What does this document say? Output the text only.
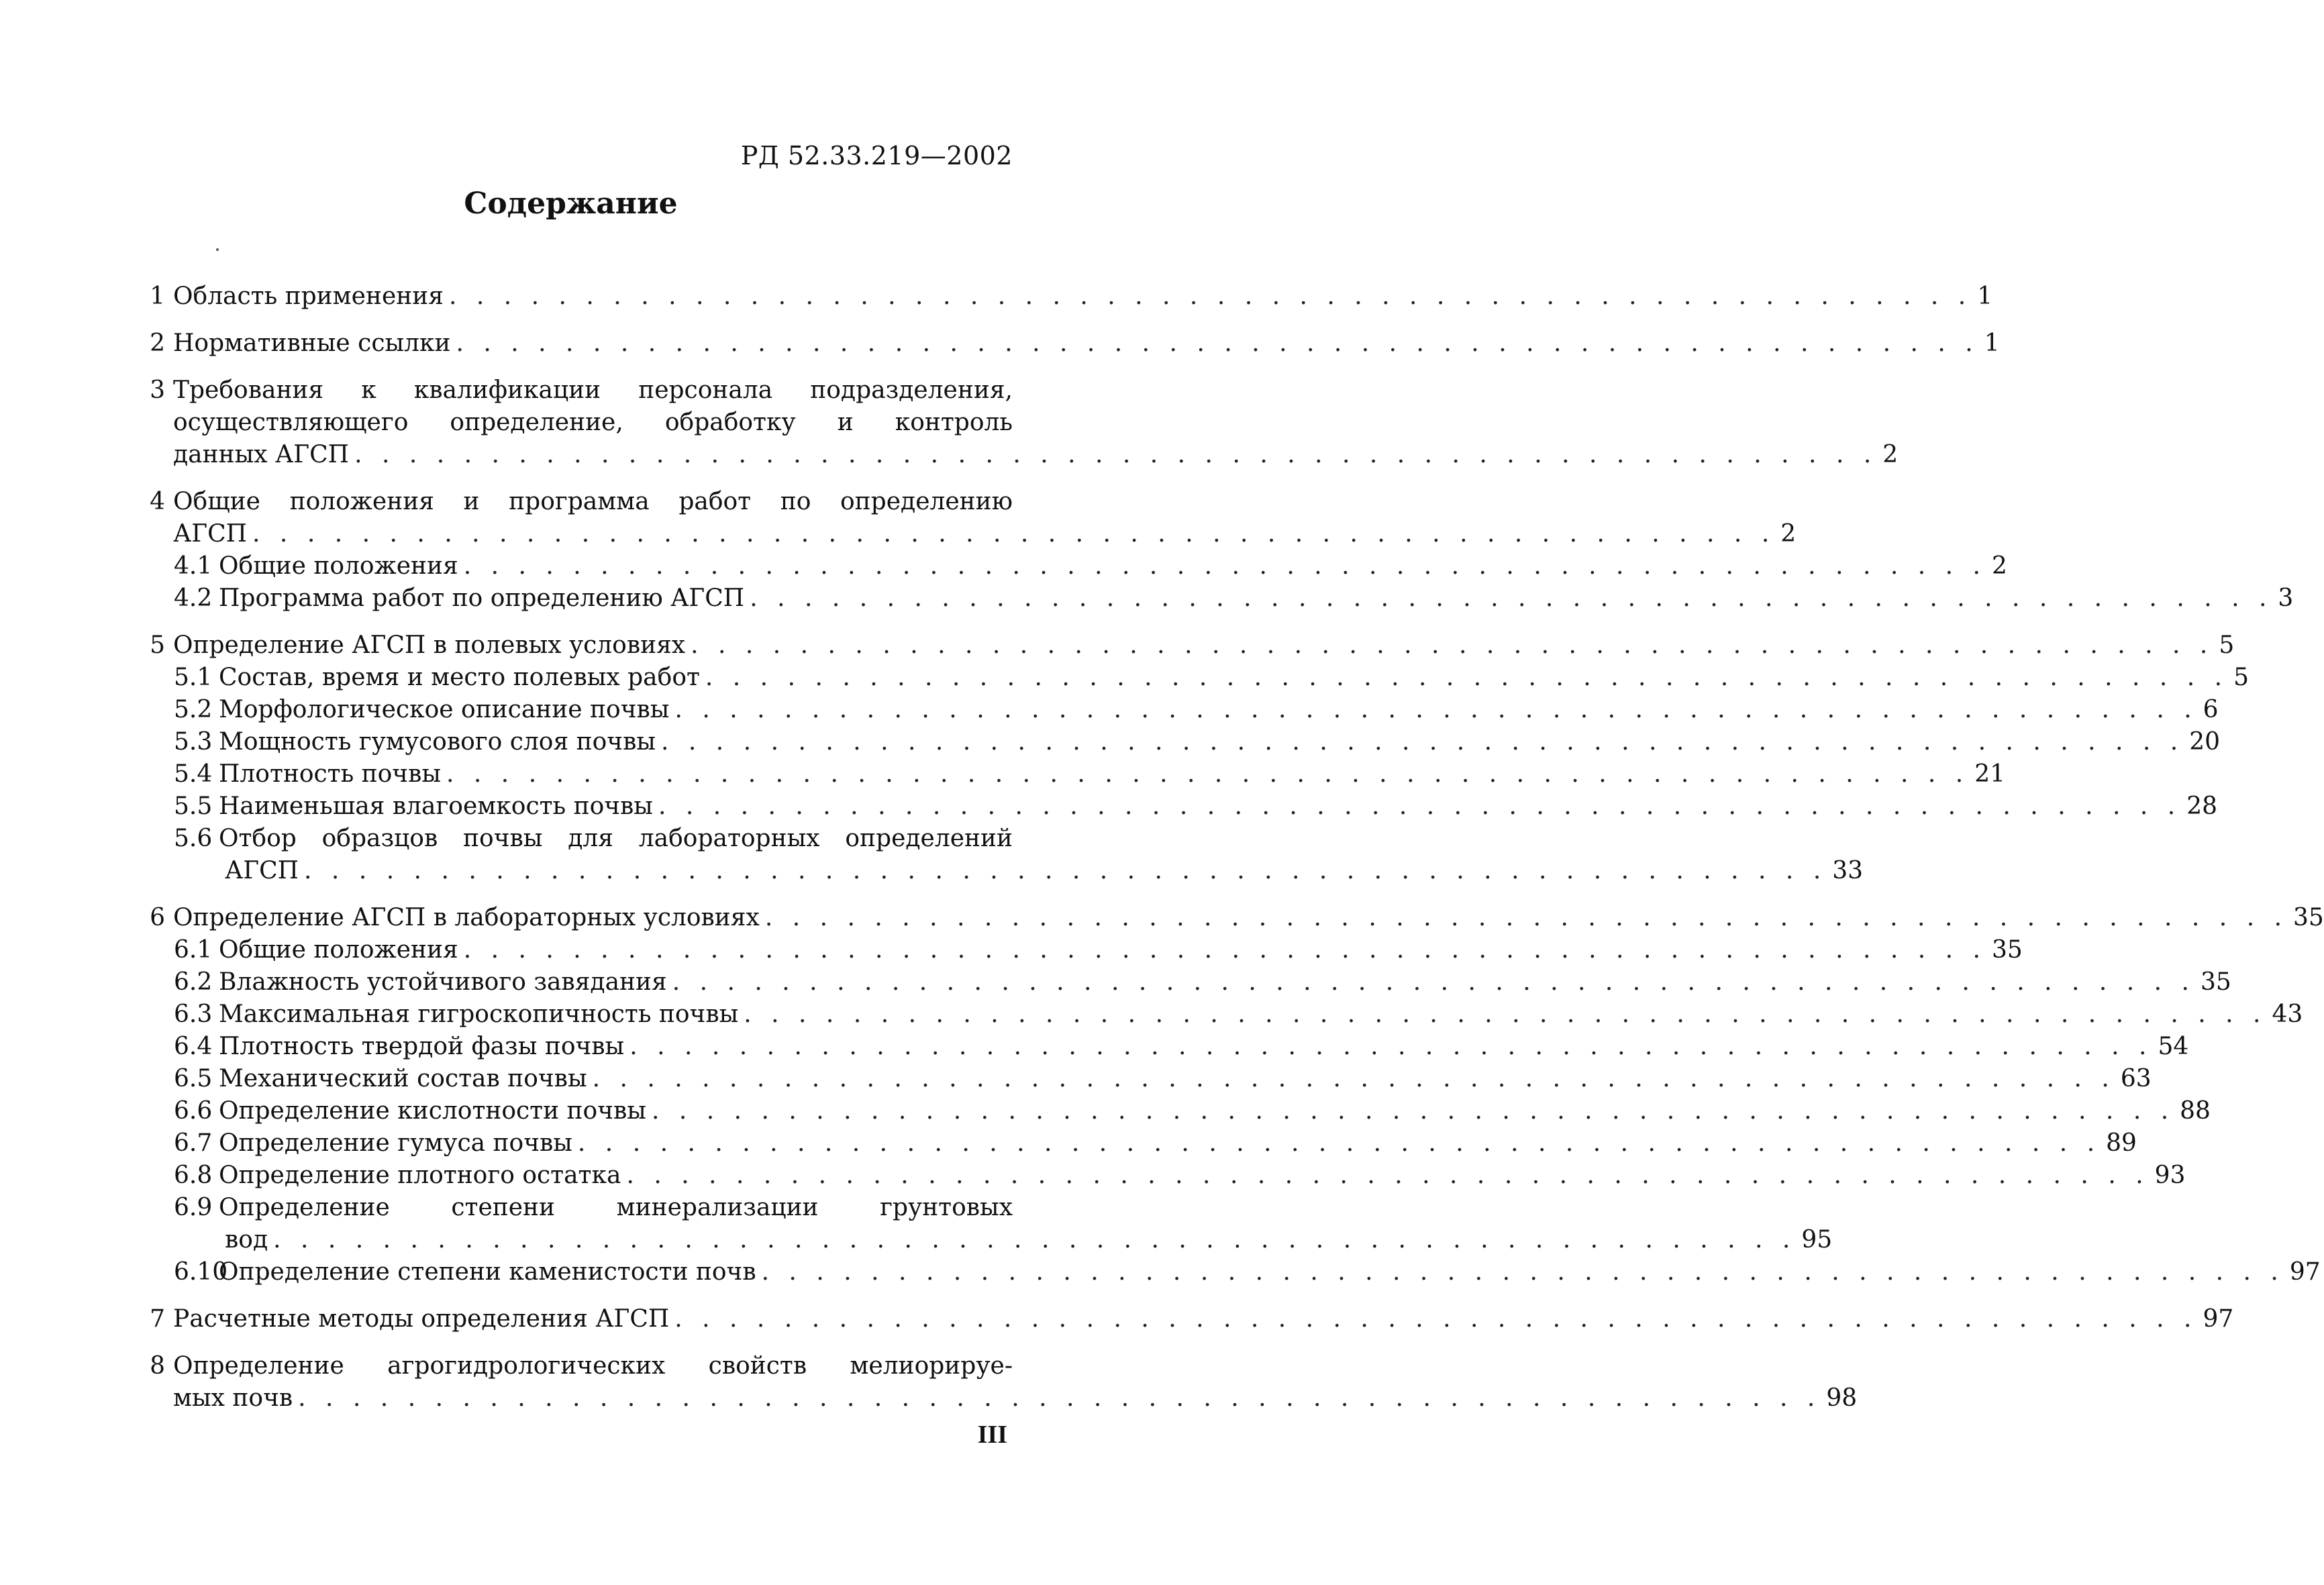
РД 52.33.219—2002
Содержание
1 Область применения . . . . . . . . . . . . . . . . . . . . . . . . . . . . . . . . . . . . . . . . . . . . . . . . . . . . . . . . 1
2 Нормативные ссылки . . . . . . . . . . . . . . . . . . . . . . . . . . . . . . . . . . . . . . . . . . . . . . . . . . . . . . . . 1
3 Требования к квалификации персонала подразделения,
осуществляющего определение, обработку и контроль
данных АГСП . . . . . . . . . . . . . . . . . . . . . . . . . . . . . . . . . . . . . . . . . . . . . . . . . . . . . . . . 2
4 Общие положения и программа работ по определению
АГСП . . . . . . . . . . . . . . . . . . . . . . . . . . . . . . . . . . . . . . . . . . . . . . . . . . . . . . . . 2
4.1 Общие положения . . . . . . . . . . . . . . . . . . . . . . . . . . . . . . . . . . . . . . . . . . . . . . . . . . . . . . . . 2
4.2 Программа работ по определению АГСП . . . . . . . . . . . . . . . . . . . . . . . . . . . . . . . . . . . . . . . . . . . . . . . . . . . . . . . . 3
5 Определение АГСП в полевых условиях . . . . . . . . . . . . . . . . . . . . . . . . . . . . . . . . . . . . . . . . . . . . . . . . . . . . . . . . 5
5.1 Состав, время и место полевых работ . . . . . . . . . . . . . . . . . . . . . . . . . . . . . . . . . . . . . . . . . . . . . . . . . . . . . . . . 5
5.2 Морфологическое описание почвы . . . . . . . . . . . . . . . . . . . . . . . . . . . . . . . . . . . . . . . . . . . . . . . . . . . . . . . . 6
5.3 Мощность гумусового слоя почвы . . . . . . . . . . . . . . . . . . . . . . . . . . . . . . . . . . . . . . . . . . . . . . . . . . . . . . . . 20
5.4 Плотность почвы . . . . . . . . . . . . . . . . . . . . . . . . . . . . . . . . . . . . . . . . . . . . . . . . . . . . . . . . 21
5.5 Наименьшая влагоемкость почвы . . . . . . . . . . . . . . . . . . . . . . . . . . . . . . . . . . . . . . . . . . . . . . . . . . . . . . . . 28
5.6 Отбор образцов почвы для лабораторных определений
АГСП . . . . . . . . . . . . . . . . . . . . . . . . . . . . . . . . . . . . . . . . . . . . . . . . . . . . . . . . 33
6 Определение АГСП в лабораторных условиях . . . . . . . . . . . . . . . . . . . . . . . . . . . . . . . . . . . . . . . . . . . . . . . . . . . . . . . . 35
6.1 Общие положения . . . . . . . . . . . . . . . . . . . . . . . . . . . . . . . . . . . . . . . . . . . . . . . . . . . . . . . . 35
6.2 Влажность устойчивого завядания . . . . . . . . . . . . . . . . . . . . . . . . . . . . . . . . . . . . . . . . . . . . . . . . . . . . . . . . 35
6.3 Максимальная гигроскопичность почвы . . . . . . . . . . . . . . . . . . . . . . . . . . . . . . . . . . . . . . . . . . . . . . . . . . . . . . . . 43
6.4 Плотность твердой фазы почвы . . . . . . . . . . . . . . . . . . . . . . . . . . . . . . . . . . . . . . . . . . . . . . . . . . . . . . . . 54
6.5 Механический состав почвы . . . . . . . . . . . . . . . . . . . . . . . . . . . . . . . . . . . . . . . . . . . . . . . . . . . . . . . . 63
6.6 Определение кислотности почвы . . . . . . . . . . . . . . . . . . . . . . . . . . . . . . . . . . . . . . . . . . . . . . . . . . . . . . . . 88
6.7 Определение гумуса почвы . . . . . . . . . . . . . . . . . . . . . . . . . . . . . . . . . . . . . . . . . . . . . . . . . . . . . . . . 89
6.8 Определение плотного остатка . . . . . . . . . . . . . . . . . . . . . . . . . . . . . . . . . . . . . . . . . . . . . . . . . . . . . . . . 93
6.9 Определение степени минерализации грунтовых
вод . . . . . . . . . . . . . . . . . . . . . . . . . . . . . . . . . . . . . . . . . . . . . . . . . . . . . . . . 95
6.10
Определение степени каменистости почв . . . . . . . . . . . . . . . . . . . . . . . . . . . . . . . . . . . . . . . . . . . . . . . . . . . . . . . . 97
7 Расчетные методы определения АГСП . . . . . . . . . . . . . . . . . . . . . . . . . . . . . . . . . . . . . . . . . . . . . . . . . . . . . . . . 97
8 Определение агрогидрологических свойств мелиорируе-
мых почв . . . . . . . . . . . . . . . . . . . . . . . . . . . . . . . . . . . . . . . . . . . . . . . . . . . . . . . . 98
III
